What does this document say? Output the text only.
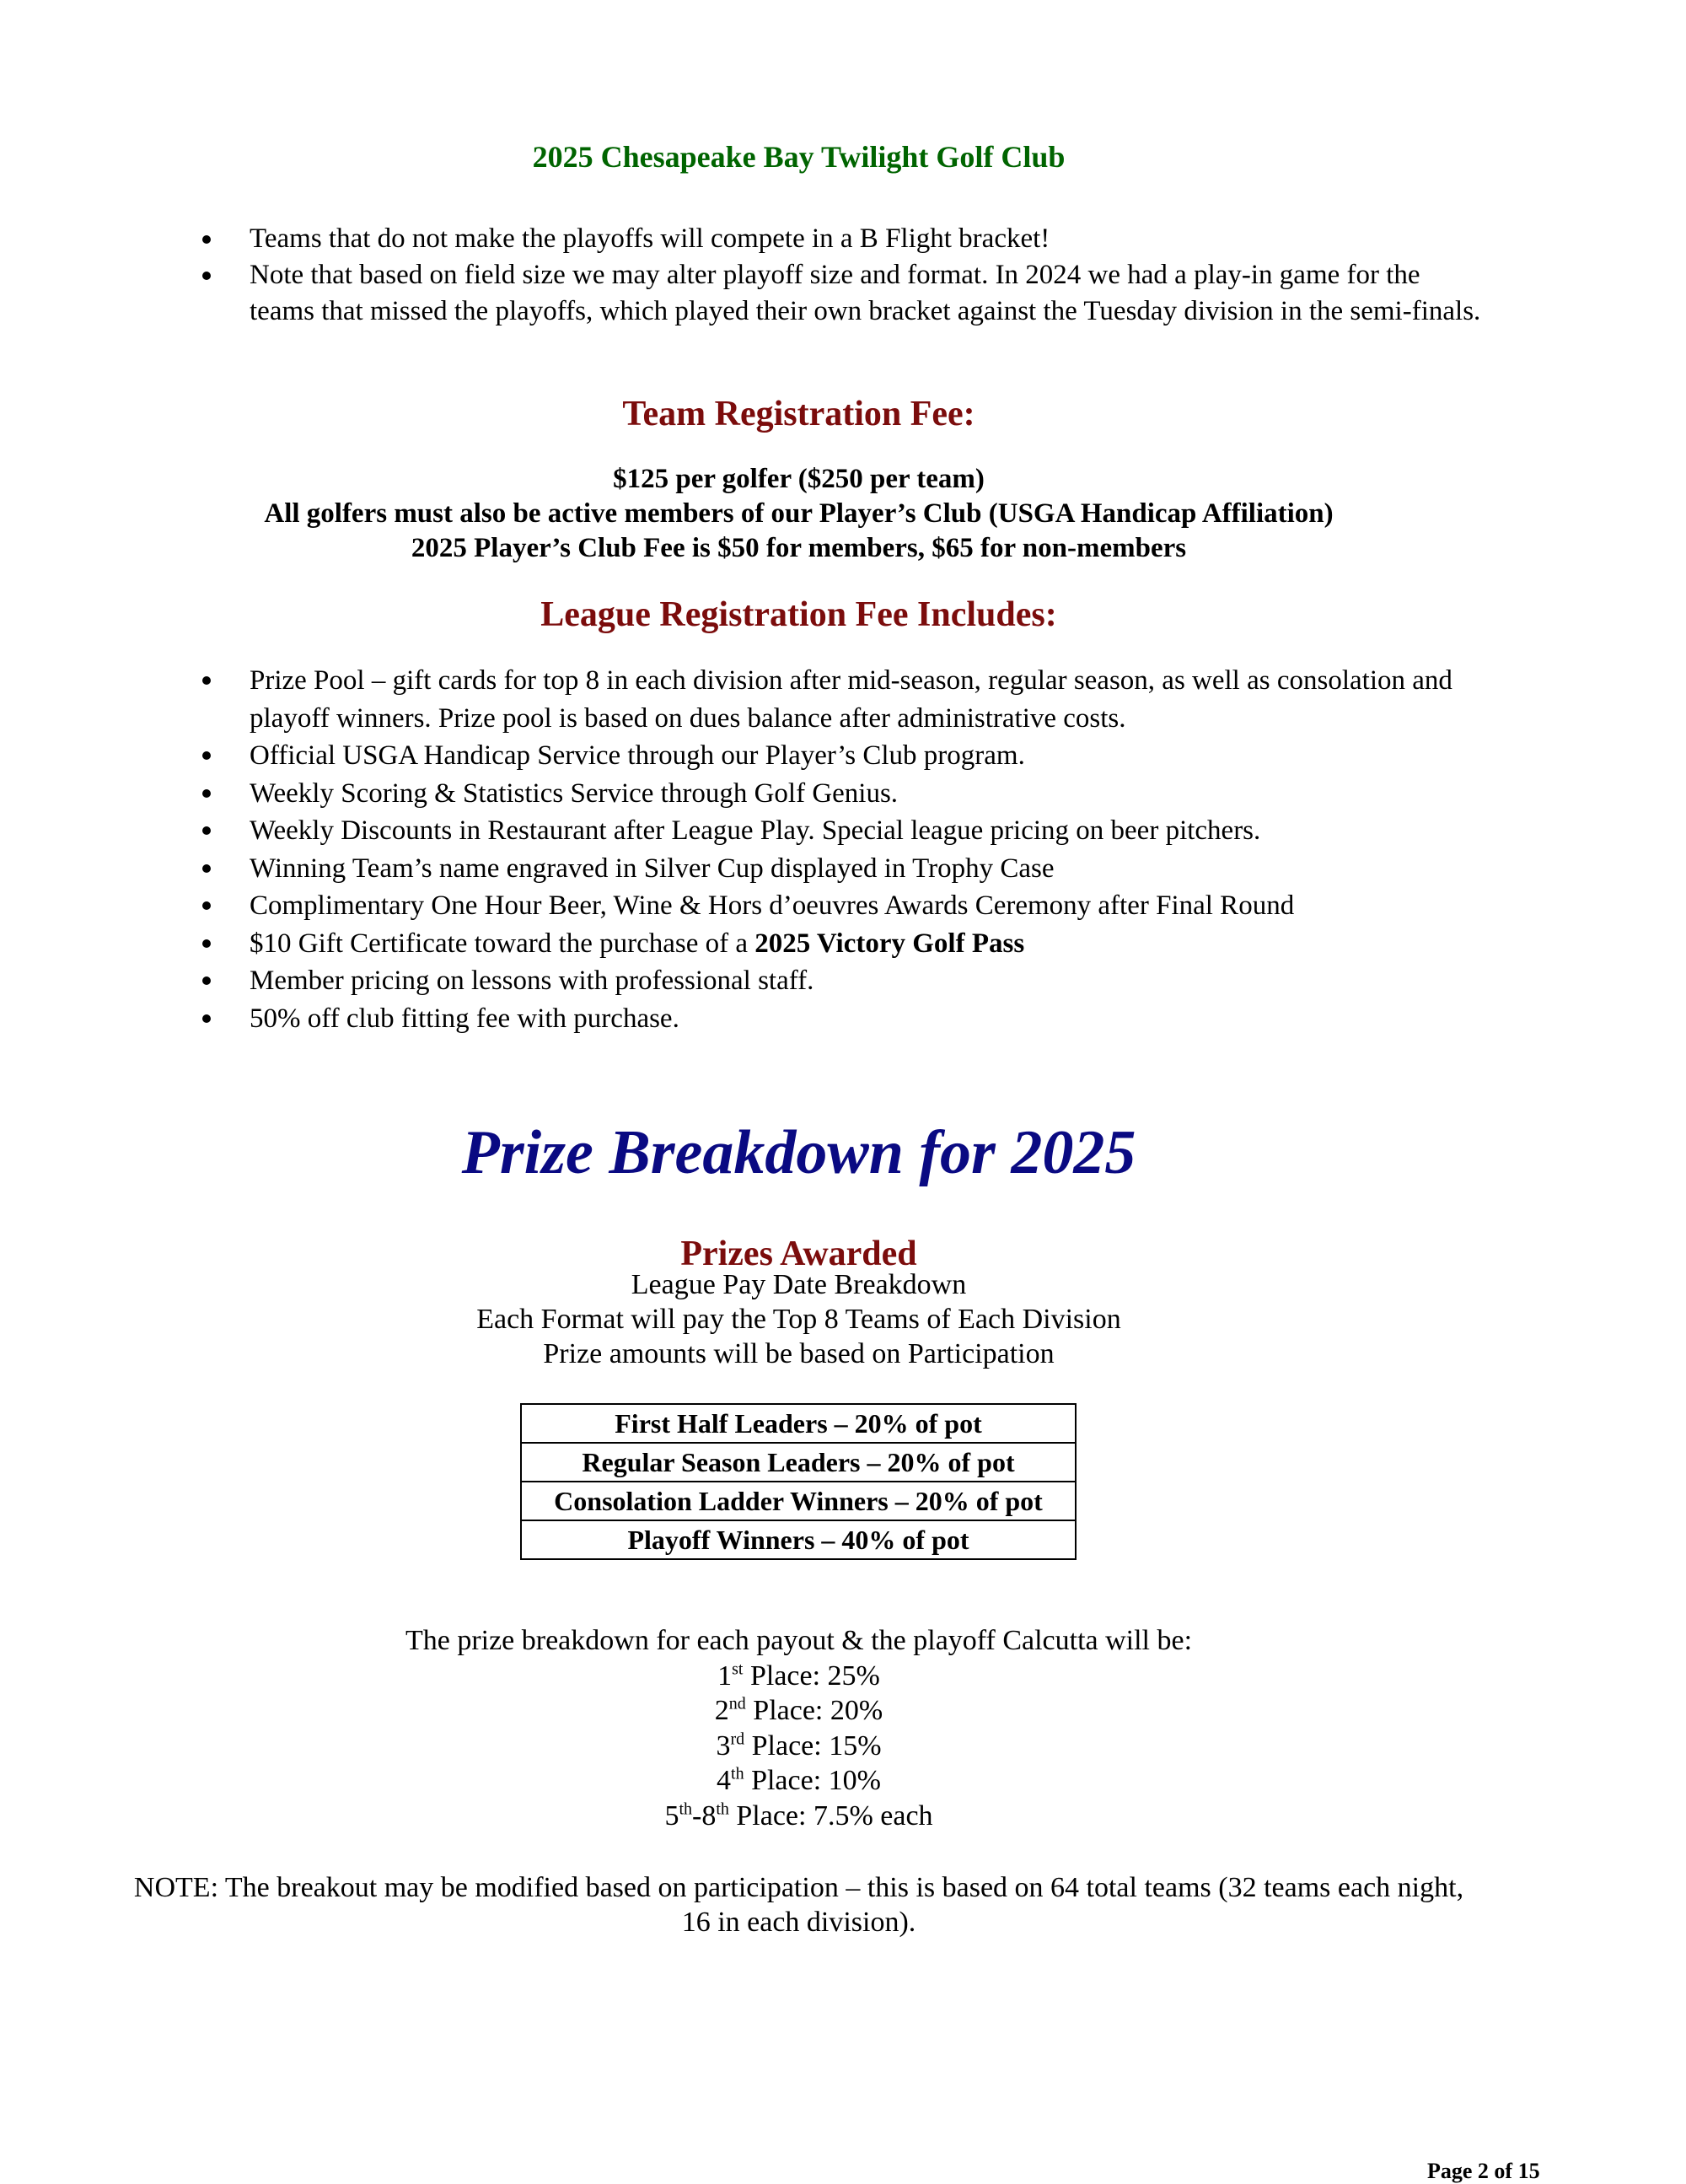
2025 Chesapeake Bay Twilight Golf Club
Teams that do not make the playoffs will compete in a B Flight bracket!
Note that based on field size we may alter playoff size and format. In 2024 we had a play-in game for the teams that missed the playoffs, which played their own bracket against the Tuesday division in the semi-finals.
Team Registration Fee:
$125 per golfer ($250 per team)
All golfers must also be active members of our Player’s Club (USGA Handicap Affiliation)
2025 Player’s Club Fee is $50 for members, $65 for non-members
League Registration Fee Includes:
Prize Pool – gift cards for top 8 in each division after mid-season, regular season, as well as consolation and playoff winners. Prize pool is based on dues balance after administrative costs.
Official USGA Handicap Service through our Player’s Club program.
Weekly Scoring & Statistics Service through Golf Genius.
Weekly Discounts in Restaurant after League Play. Special league pricing on beer pitchers.
Winning Team’s name engraved in Silver Cup displayed in Trophy Case
Complimentary One Hour Beer, Wine & Hors d’oeuvres Awards Ceremony after Final Round
$10 Gift Certificate toward the purchase of a 2025 Victory Golf Pass
Member pricing on lessons with professional staff.
50% off club fitting fee with purchase.
Prize Breakdown for 2025
Prizes Awarded
League Pay Date Breakdown
Each Format will pay the Top 8 Teams of Each Division
Prize amounts will be based on Participation
First Half Leaders – 20% of pot
Regular Season Leaders – 20% of pot
Consolation Ladder Winners – 20% of pot
Playoff Winners – 40% of pot
The prize breakdown for each payout & the playoff Calcutta will be:
1st Place: 25%
2nd Place: 20%
3rd Place: 15%
4th Place: 10%
5th-8th Place: 7.5% each
NOTE: The breakout may be modified based on participation – this is based on 64 total teams (32 teams each night, 16 in each division).
Page 2 of 15
